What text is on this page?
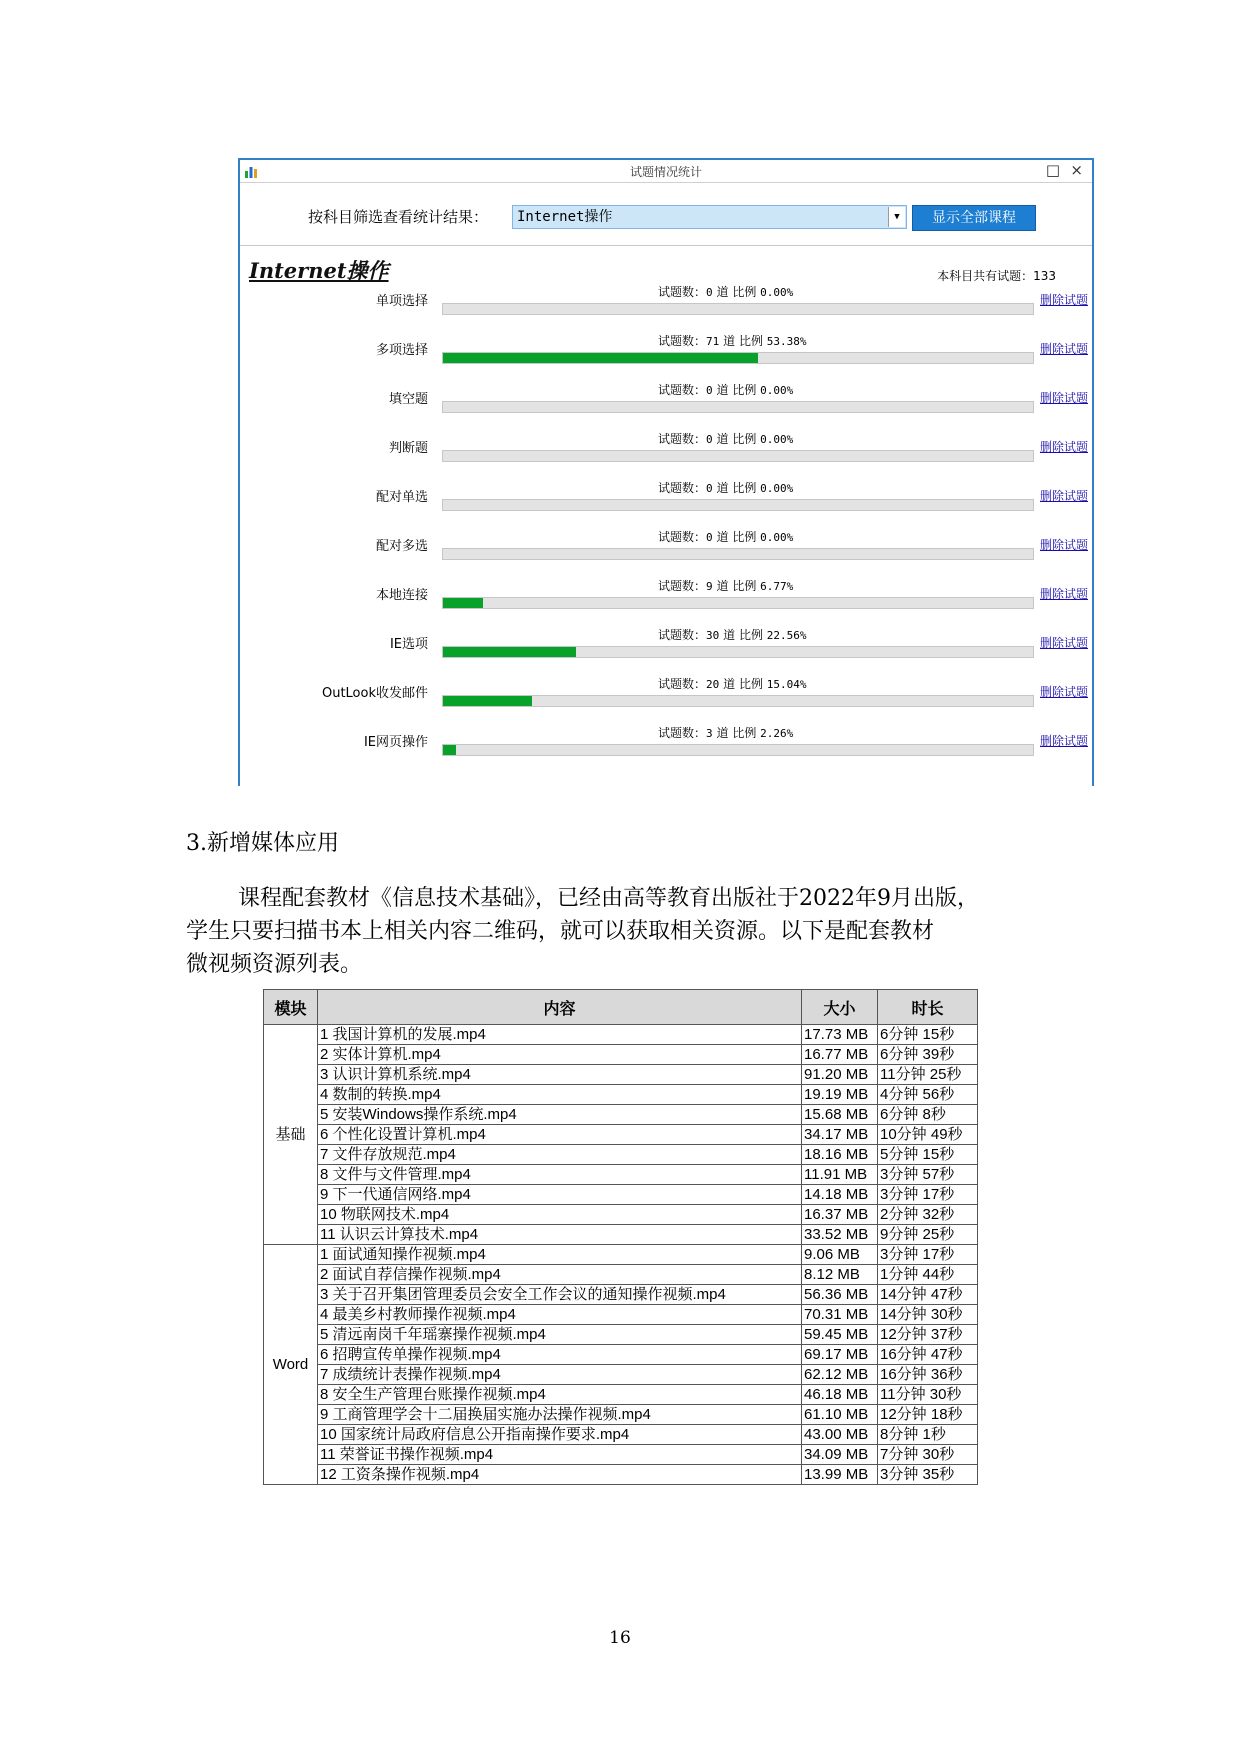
试题情况统计	□ ×
按科目筛选查看统计结果：	Internet操作	▼	显示全部课程
Internet操作	本科目共有试题：133
单项选择
试题数：0 道 比例 0.00%
删除试题
多项选择
试题数：71 道 比例 53.38%
删除试题
填空题
试题数：0 道 比例 0.00%
删除试题
判断题
试题数：0 道 比例 0.00%
删除试题
配对单选
试题数：0 道 比例 0.00%
删除试题
配对多选
试题数：0 道 比例 0.00%
删除试题
本地连接
试题数：9 道 比例 6.77%
删除试题
IE选项
试题数：30 道 比例 22.56%
删除试题
OutLook收发邮件
试题数：20 道 比例 15.04%
删除试题
IE网页操作
试题数：3 道 比例 2.26%
删除试题
3.新增媒体应用
课程配套教材《信息技术基础》，已经由高等教育出版社于2022年9月出版，
学生只要扫描书本上相关内容二维码，就可以获取相关资源。以下是配套教材
微视频资源列表。
模块	内容	大小	时长
基础	1 我国计算机的发展.mp4	17.73 MB	6分钟 15秒
	2 实体计算机.mp4	16.77 MB	6分钟 39秒
	3 认识计算机系统.mp4	91.20 MB	11分钟 25秒
	4 数制的转换.mp4	19.19 MB	4分钟 56秒
	5 安装Windows操作系统.mp4	15.68 MB	6分钟 8秒
	6 个性化设置计算机.mp4	34.17 MB	10分钟 49秒
	7 文件存放规范.mp4	18.16 MB	5分钟 15秒
	8 文件与文件管理.mp4	11.91 MB	3分钟 57秒
	9 下一代通信网络.mp4	14.18 MB	3分钟 17秒
	10 物联网技术.mp4	16.37 MB	2分钟 32秒
	11 认识云计算技术.mp4	33.52 MB	9分钟 25秒
Word	1 面试通知操作视频.mp4	9.06 MB	3分钟 17秒
	2 面试自荐信操作视频.mp4	8.12 MB	1分钟 44秒
	3 关于召开集团管理委员会安全工作会议的通知操作视频.mp4	56.36 MB	14分钟 47秒
	4 最美乡村教师操作视频.mp4	70.31 MB	14分钟 30秒
	5 清远南岗千年瑶寨操作视频.mp4	59.45 MB	12分钟 37秒
	6 招聘宣传单操作视频.mp4	69.17 MB	16分钟 47秒
	7 成绩统计表操作视频.mp4	62.12 MB	16分钟 36秒
	8 安全生产管理台账操作视频.mp4	46.18 MB	11分钟 30秒
	9 工商管理学会十二届换届实施办法操作视频.mp4	61.10 MB	12分钟 18秒
	10 国家统计局政府信息公开指南操作要求.mp4	43.00 MB	8分钟 1秒
	11 荣誉证书操作视频.mp4	34.09 MB	7分钟 30秒
	12 工资条操作视频.mp4	13.99 MB	3分钟 35秒
16
